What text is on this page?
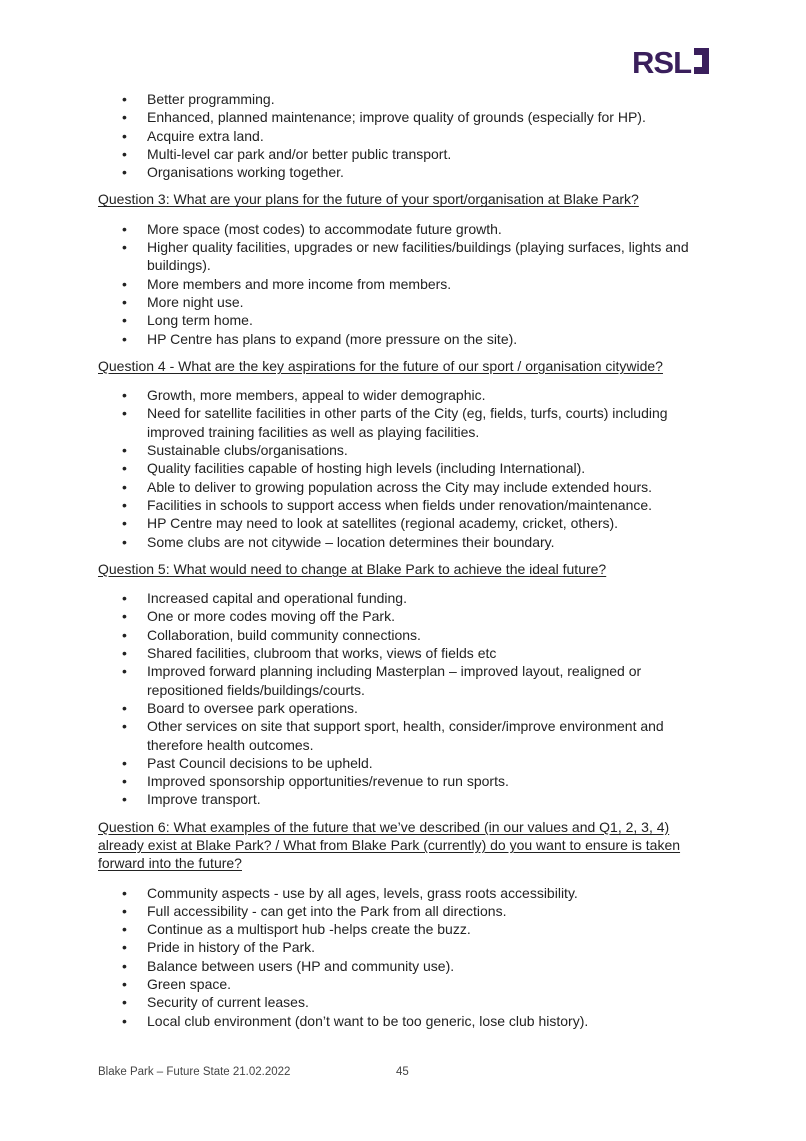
RSL
• Better programming.
• Enhanced, planned maintenance; improve quality of grounds (especially for HP).
• Acquire extra land.
• Multi-level car park and/or better public transport.
• Organisations working together.

Question 3: What are your plans for the future of your sport/organisation at Blake Park?

• More space (most codes) to accommodate future growth.
• Higher quality facilities, upgrades or new facilities/buildings (playing surfaces, lights and buildings).
• More members and more income from members.
• More night use.
• Long term home.
• HP Centre has plans to expand (more pressure on the site).

Question 4 - What are the key aspirations for the future of our sport / organisation citywide?

• Growth, more members, appeal to wider demographic.
• Need for satellite facilities in other parts of the City (eg, fields, turfs, courts) including improved training facilities as well as playing facilities.
• Sustainable clubs/organisations.
• Quality facilities capable of hosting high levels (including International).
• Able to deliver to growing population across the City may include extended hours.
• Facilities in schools to support access when fields under renovation/maintenance.
• HP Centre may need to look at satellites (regional academy, cricket, others).
• Some clubs are not citywide – location determines their boundary.

Question 5: What would need to change at Blake Park to achieve the ideal future?

• Increased capital and operational funding.
• One or more codes moving off the Park.
• Collaboration, build community connections.
• Shared facilities, clubroom that works, views of fields etc
• Improved forward planning including Masterplan – improved layout, realigned or repositioned fields/buildings/courts.
• Board to oversee park operations.
• Other services on site that support sport, health, consider/improve environment and therefore health outcomes.
• Past Council decisions to be upheld.
• Improved sponsorship opportunities/revenue to run sports.
• Improve transport.

Question 6: What examples of the future that we’ve described (in our values and Q1, 2, 3, 4) already exist at Blake Park? / What from Blake Park (currently) do you want to ensure is taken forward into the future?

• Community aspects - use by all ages, levels, grass roots accessibility.
• Full accessibility - can get into the Park from all directions.
• Continue as a multisport hub -helps create the buzz.
• Pride in history of the Park.
• Balance between users (HP and community use).
• Green space.
• Security of current leases.
• Local club environment (don’t want to be too generic, lose club history).
Blake Park – Future State 21.02.2022	45
